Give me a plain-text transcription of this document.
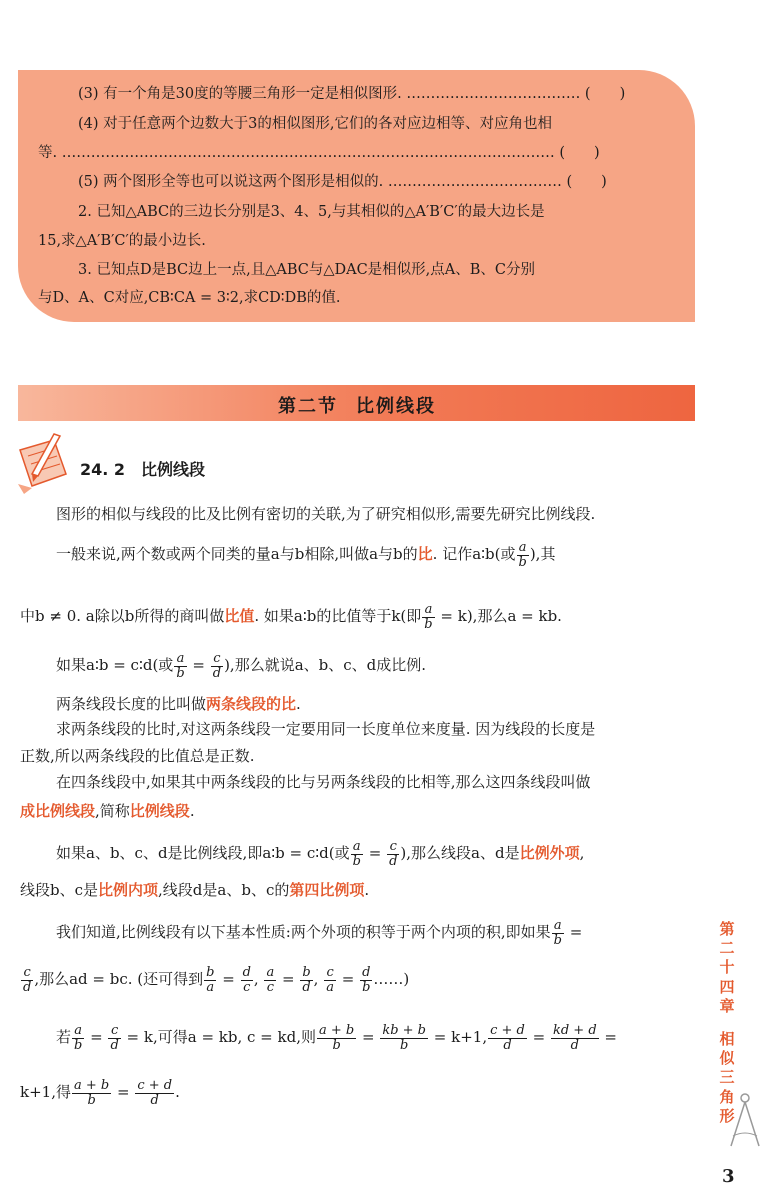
(3) 有一个角是30度的等腰三角形一定是相似图形. ……………………………… (　　)
(4) 对于任意两个边数大于3的相似图形,它们的各对应边相等、对应角也相
等. ………………………………………………………………………………………… (　　)
(5) 两个图形全等也可以说这两个图形是相似的. ……………………………… (　　)
2. 已知△ABC的三边长分别是3、4、5,与其相似的△A′B′C′的最大边长是
15,求△A′B′C′的最小边长.
3. 已知点D是BC边上一点,且△ABC与△DAC是相似形,点A、B、C分别
与D、A、C对应,CB∶CA = 3∶2,求CD∶DB的值.
第二节 比例线段
24. 2 比例线段
图形的相似与线段的比及比例有密切的关联,为了研究相似形,需要先研究比例线段.
一般来说,两个数或两个同类的量a与b相除,叫做a与b的比. 记作a∶b(或 $\frac{a}{b}$ ),其
中b ≠ 0. a除以b所得的商叫做比值. 如果a∶b的比值等于k(即 $\frac{a}{b} = k$),那么a = kb.
如果a∶b = c∶d(或 $\frac{a}{b} = \frac{c}{d}$ ),那么就说a、b、c、d成比例.
两条线段长度的比叫做两条线段的比.
求两条线段的比时,对这两条线段一定要用同一长度单位来度量. 因为线段的长度是
正数,所以两条线段的比值总是正数.
在四条线段中,如果其中两条线段的比与另两条线段的比相等,那么这四条线段叫做
成比例线段,简称比例线段.
如果a、b、c、d是比例线段,即a∶b = c∶d(或 $\frac{a}{b} = \frac{c}{d}$ ),那么线段a、d是比例外项,
线段b、c是比例内项,线段d是a、b、c的第四比例项.
我们知道,比例线段有以下基本性质:两个外项的积等于两个内项的积,即如果 $\frac{a}{b}$ =
$\frac{c}{d}$ ,那么ad = bc. (还可得到 $\frac{b}{a} = \frac{d}{c}$ , $\frac{a}{c} = \frac{b}{d}$ , $\frac{c}{a} = \frac{d}{b}$ ……)
若 $\frac{a}{b} = \frac{c}{d} = k$,可得a = kb, c = kd,则 $\frac{a + b}{b} = \frac{kb + b}{b} = k+1$, $\frac{c + d}{d} = \frac{kd + d}{d}$ =
k+1,得 $\frac{a + b}{b} = \frac{c + d}{d}$ .
第
二
十
四
章
相
似
三
角
形
3
